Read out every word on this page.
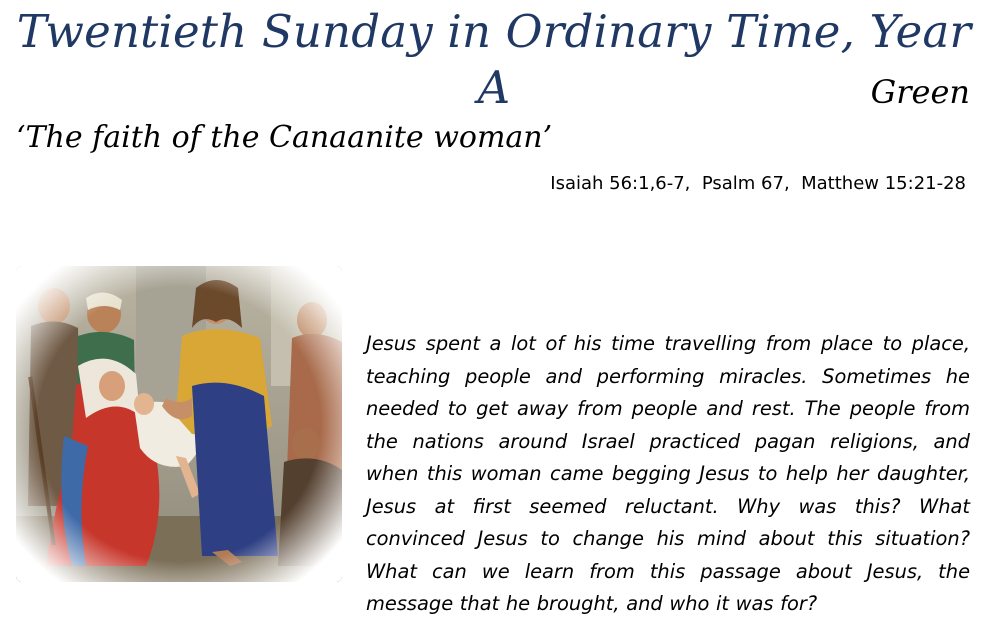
Twentieth Sunday in Ordinary Time, Year A	Green
‘The faith of the Canaanite woman’
Isaiah 56:1,6-7,  Psalm 67,  Matthew 15:21-28

Jesus spent a lot of his time travelling from place to place, teaching people and performing miracles. Sometimes he needed to get away from people and rest. The people from the nations around Israel practiced pagan religions, and when this woman came begging Jesus to help her daughter, Jesus at first seemed reluctant. Why was this? What convinced Jesus to change his mind about this situation? What can we learn from this passage about Jesus, the message that he brought, and who it was for?
